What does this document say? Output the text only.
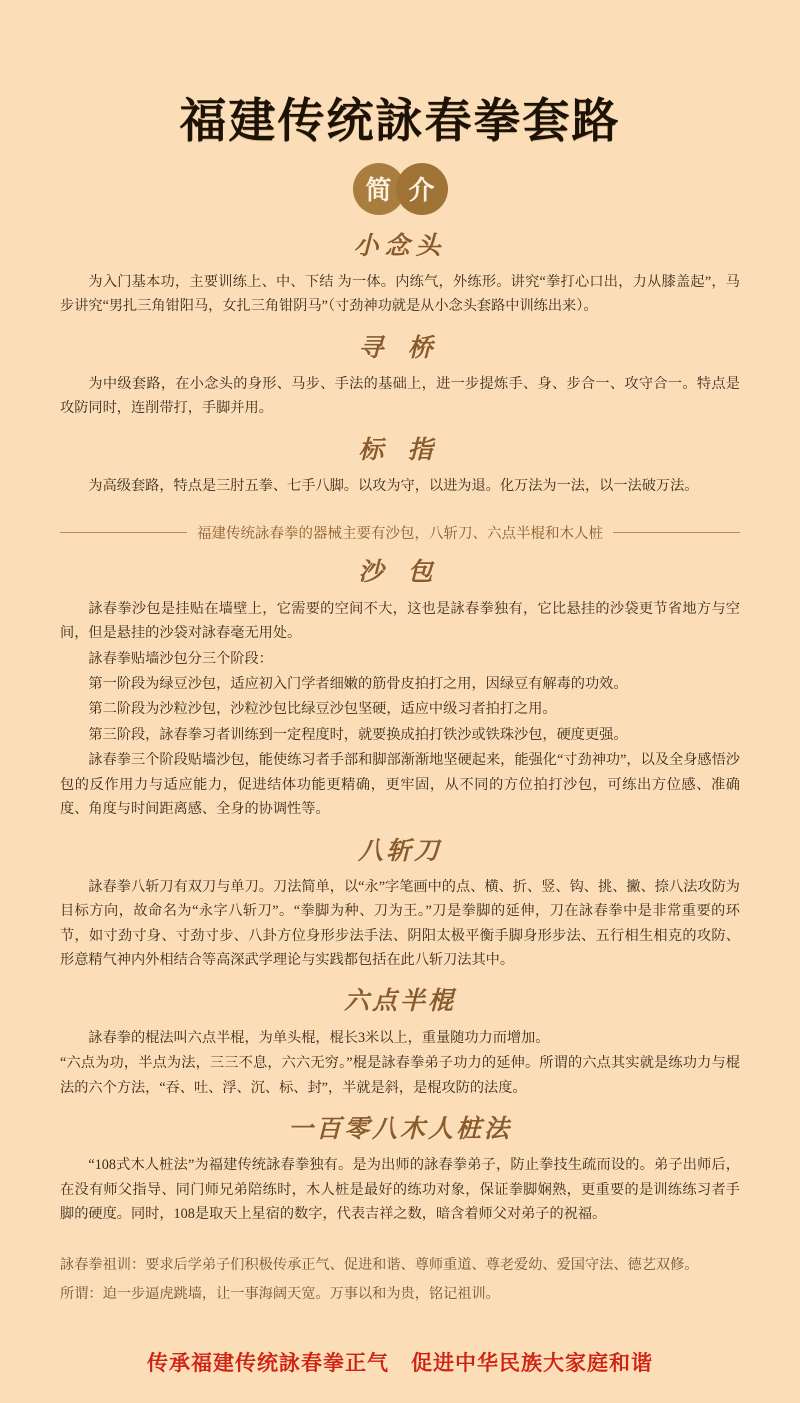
福建传统詠春拳套路
简 介
小念头

为入门基本功，主要训练上、中、下结 为一体。内练气，外练形。讲究“拳打心口出，力从膝盖起”，马步讲究“男扎三角钳阳马，女扎三角钳阴马”（寸劲神功就是从小念头套路中训练出来）。

寻 桥

为中级套路，在小念头的身形、马步、手法的基础上，进一步提炼手、身、步合一、攻守合一。特点是攻防同时，连削带打，手脚并用。

标 指

为高级套路，特点是三肘五拳、七手八脚。以攻为守，以进为退。化万法为一法，以一法破万法。

福建传统詠春拳的器械主要有沙包，八斩刀、六点半棍和木人桩
沙 包

詠春拳沙包是挂贴在墙壁上，它需要的空间不大，这也是詠春拳独有，它比悬挂的沙袋更节省地方与空间，但是悬挂的沙袋对詠春毫无用处。

詠春拳贴墙沙包分三个阶段：

第一阶段为绿豆沙包，适应初入门学者细嫩的筋骨皮拍打之用，因绿豆有解毒的功效。

第二阶段为沙粒沙包，沙粒沙包比绿豆沙包坚硬，适应中级习者拍打之用。

第三阶段，詠春拳习者训练到一定程度时，就要换成拍打铁沙或铁珠沙包，硬度更强。

詠春拳三个阶段贴墙沙包，能使练习者手部和脚部渐渐地坚硬起来，能强化“寸劲神功”，以及全身感悟沙包的反作用力与适应能力，促进结体功能更精确，更牢固，从不同的方位拍打沙包，可练出方位感、准确度、角度与时间距离感、全身的协调性等。

八斩刀

詠春拳八斩刀有双刀与单刀。刀法简单，以“永”字笔画中的点、横、折、竖、钩、挑、撇、捺八法攻防为目标方向，故命名为“永字八斩刀”。“拳脚为种、刀为王。”刀是拳脚的延伸，刀在詠春拳中是非常重要的环节，如寸劲寸身、寸劲寸步、八卦方位身形步法手法、阴阳太极平衡手脚身形步法、五行相生相克的攻防、形意精气神内外相结合等高深武学理论与实践都包括在此八斩刀法其中。

六点半棍

詠春拳的棍法叫六点半棍，为单头棍，棍长3米以上，重量随功力而增加。

“六点为功，半点为法，三三不息，六六无穷。”棍是詠春拳弟子功力的延伸。所谓的六点其实就是练功力与棍法的六个方法，“吞、吐、浮、沉、标、封”，半就是斜，是棍攻防的法度。

一百零八木人桩法

“108式木人桩法”为福建传统詠春拳独有。是为出师的詠春拳弟子，防止拳技生疏而设的。弟子出师后，在没有师父指导、同门师兄弟陪练时，木人桩是最好的练功对象，保证拳脚娴熟，更重要的是训练练习者手脚的硬度。同时，108是取天上星宿的数字，代表吉祥之数，暗含着师父对弟子的祝福。

詠春拳祖训：要求后学弟子们积极传承正气、促进和谐、尊师重道、尊老爱幼、爱国守法、德艺双修。

所谓：迫一步逼虎跳墙，让一事海阔天宽。万事以和为贵，铭记祖训。

传承福建传统詠春拳正气 促进中华民族大家庭和谐
